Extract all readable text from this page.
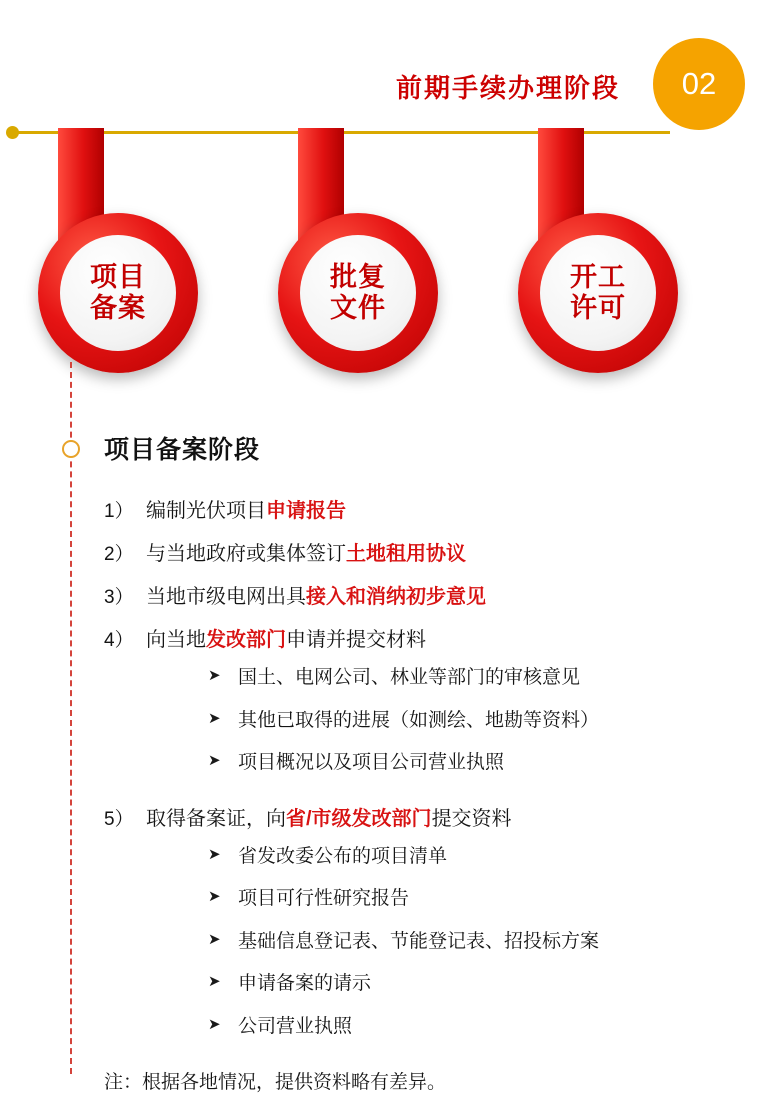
前期手续办理阶段	02
项目
备案
批复
文件
开工
许可
项目备案阶段
1） 编制光伏项目申请报告
2） 与当地政府或集体签订土地租用协议
3） 当地市级电网出具接入和消纳初步意见
4） 向当地发改部门申请并提交材料
➤ 国土、电网公司、林业等部门的审核意见
➤ 其他已取得的进展（如测绘、地勘等资料）
➤ 项目概况以及项目公司营业执照
5） 取得备案证，向省/市级发改部门提交资料
➤ 省发改委公布的项目清单
➤ 项目可行性研究报告
➤ 基础信息登记表、节能登记表、招投标方案
➤ 申请备案的请示
➤ 公司营业执照
注：根据各地情况，提供资料略有差异。
